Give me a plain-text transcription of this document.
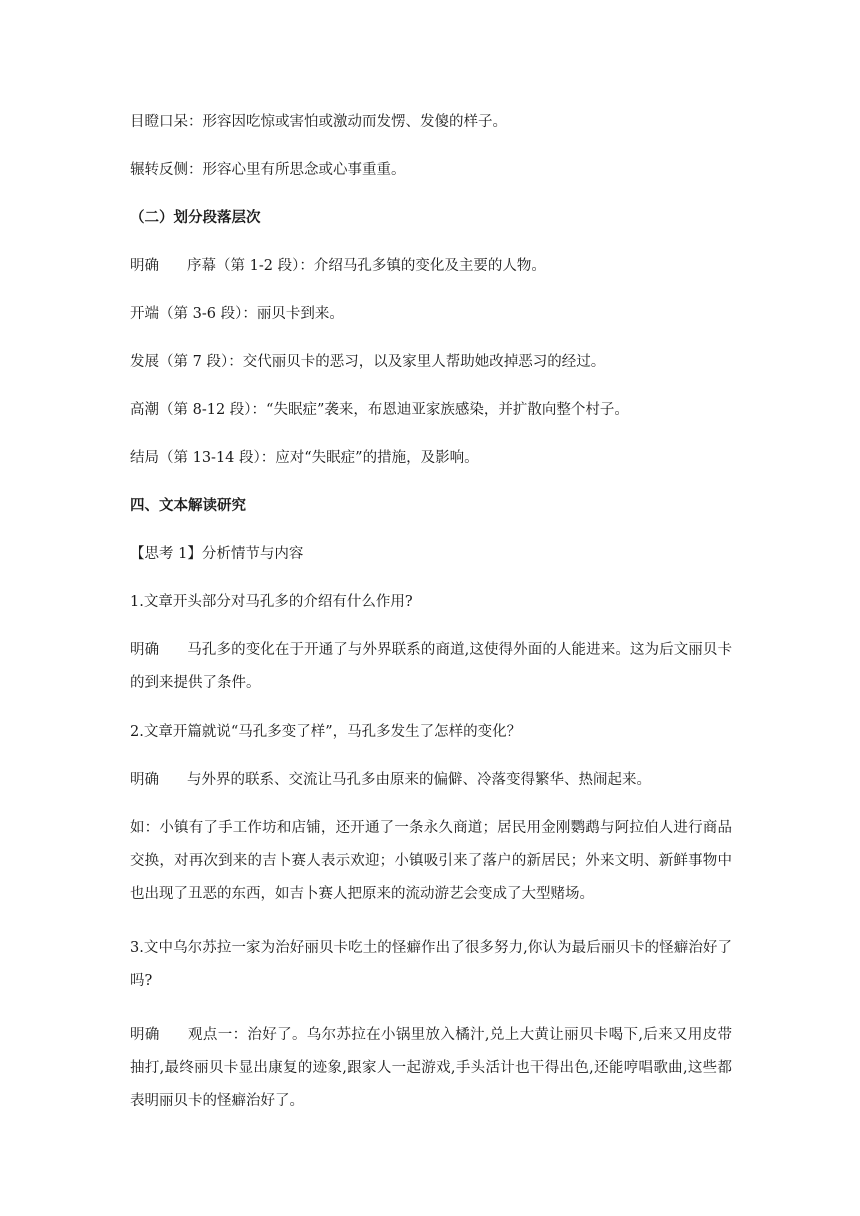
目瞪口呆：形容因吃惊或害怕或激动而发愣、发傻的样子。
辗转反侧：形容心里有所思念或心事重重。
（二）划分段落层次
明确 序幕（第 1-2 段）：介绍马孔多镇的变化及主要的人物。
开端（第 3-6 段）：丽贝卡到来。
发展（第 7 段）：交代丽贝卡的恶习，以及家里人帮助她改掉恶习的经过。
高潮（第 8-12 段）：“失眠症”袭来，布恩迪亚家族感染，并扩散向整个村子。
结局（第 13-14 段）：应对“失眠症”的措施，及影响。
四、文本解读研究
【思考 1】分析情节与内容
1.文章开头部分对马孔多的介绍有什么作用?
明确 马孔多的变化在于开通了与外界联系的商道,这使得外面的人能进来。这为后文丽贝卡的到来提供了条件。
2.文章开篇就说“马孔多变了样”，马孔多发生了怎样的变化？
明确 与外界的联系、交流让马孔多由原来的偏僻、冷落变得繁华、热闹起来。
如：小镇有了手工作坊和店铺，还开通了一条永久商道；居民用金刚鹦鹉与阿拉伯人进行商品交换，对再次到来的吉卜赛人表示欢迎；小镇吸引来了落户的新居民；外来文明、新鲜事物中也出现了丑恶的东西，如吉卜赛人把原来的流动游艺会变成了大型赌场。
3.文中乌尔苏拉一家为治好丽贝卡吃土的怪癖作出了很多努力,你认为最后丽贝卡的怪癖治好了吗?
明确 观点一：治好了。乌尔苏拉在小锅里放入橘汁,兑上大黄让丽贝卡喝下,后来又用皮带抽打,最终丽贝卡显出康复的迹象,跟家人一起游戏,手头活计也干得出色,还能哼唱歌曲,这些都表明丽贝卡的怪癖治好了。
